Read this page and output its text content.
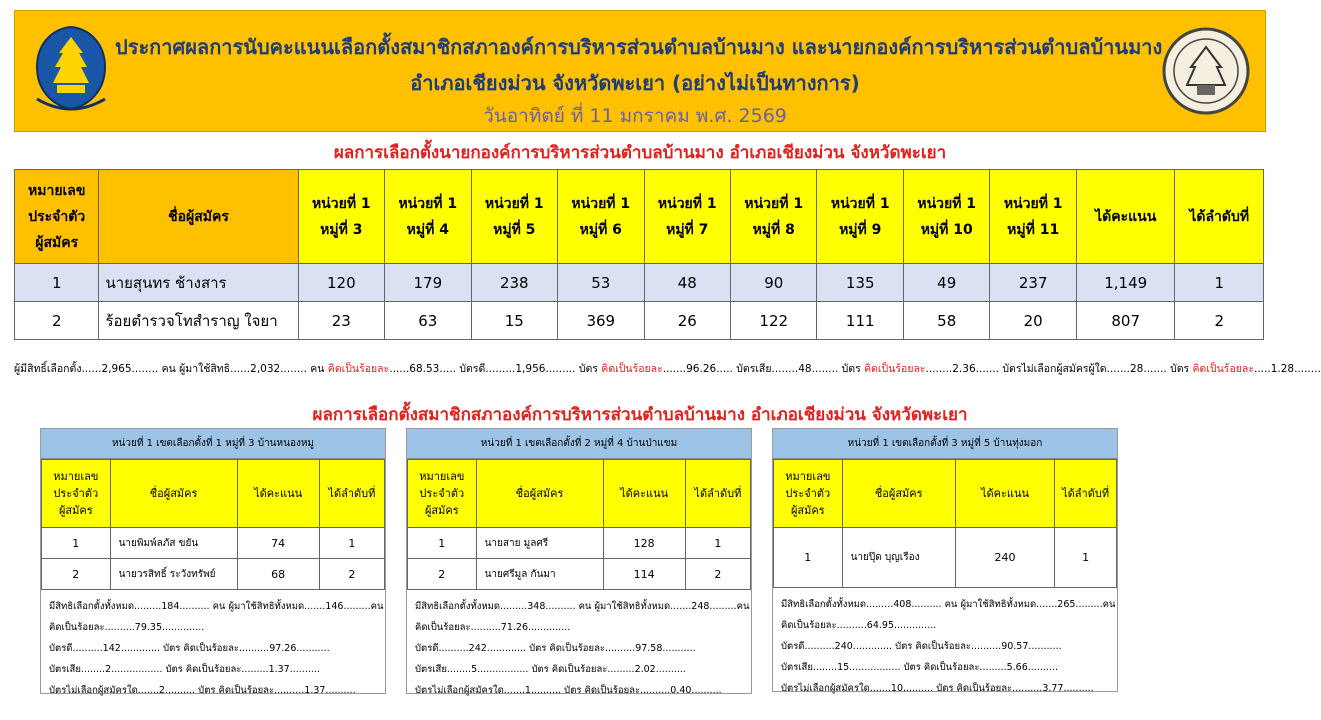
ประกาศผลการนับคะแนนเลือกตั้งสมาชิกสภาองค์การบริหารส่วนตำบลบ้านมาง และนายกองค์การบริหารส่วนตำบลบ้านมาง
อำเภอเชียงม่วน จังหวัดพะเยา (อย่างไม่เป็นทางการ)
วันอาทิตย์ ที่ 11 มกราคม พ.ศ. 2569
ผลการเลือกตั้งนายกองค์การบริหารส่วนตำบลบ้านมาง อำเภอเชียงม่วน จังหวัดพะเยา
หมายเลข
ประจำตัว
ผู้สมัคร	ชื่อผู้สมัคร	หน่วยที่ 1
หมู่ที่ 3	หน่วยที่ 1
หมู่ที่ 4	หน่วยที่ 1
หมู่ที่ 5	หน่วยที่ 1
หมู่ที่ 6	หน่วยที่ 1
หมู่ที่ 7	หน่วยที่ 1
หมู่ที่ 8	หน่วยที่ 1
หมู่ที่ 9	หน่วยที่ 1
หมู่ที่ 10	หน่วยที่ 1
หมู่ที่ 11	ได้คะแนน	ได้ลำดับที่
1	นายสุนทร ช้างสาร	120	179	238	53	48	90	135	49	237	1,149	1
2	ร้อยตำรวจโทสำราญ ใจยา	23	63	15	369	26	122	111	58	20	807	2
ผู้มีสิทธิ์เลือกตั้ง......2,965........ คน ผู้มาใช้สิทธิ......2,032........ คน คิดเป็นร้อยละ......68.53..... บัตรดี.........1,956......... บัตร คิดเป็นร้อยละ.......96.26..... บัตรเสีย........48........ บัตร คิดเป็นร้อยละ........2.36....... บัตรไม่เลือกผู้สมัครผู้ใด.......28....... บัตร คิดเป็นร้อยละ.....1.28........
ผลการเลือกตั้งสมาชิกสภาองค์การบริหารส่วนตำบลบ้านมาง อำเภอเชียงม่วน จังหวัดพะเยา
หน่วยที่ 1 เขตเลือกตั้งที่ 1 หมู่ที่ 3 บ้านหนองหมู
หมายเลข
ประจำตัว
ผู้สมัคร	ชื่อผู้สมัคร	ได้คะแนน	ได้ลำดับที่
1	นายพิมพ์ลภัส ขยัน	74	1
2	นายวรสิทธิ์ ระวังทรัพย์	68	2
มีสิทธิเลือกตั้งทั้งหมด.........184.......... คน ผู้มาใช้สิทธิทั้งหมด.......146.........คน
คิดเป็นร้อยละ..........79.35..............
บัตรดี..........142............. บัตร คิดเป็นร้อยละ..........97.26...........
บัตรเสีย........2................. บัตร คิดเป็นร้อยละ.........1.37..........
บัตรไม่เลือกผู้สมัครใด.......2.......... บัตร คิดเป็นร้อยละ..........1.37..........
หน่วยที่ 1 เขตเลือกตั้งที่ 2 หมู่ที่ 4 บ้านป่าแขม
หมายเลข
ประจำตัว
ผู้สมัคร	ชื่อผู้สมัคร	ได้คะแนน	ได้ลำดับที่
1	นายสาย มูลศรี	128	1
2	นายศรีมูล กันมา	114	2
มีสิทธิเลือกตั้งทั้งหมด.........348.......... คน ผู้มาใช้สิทธิทั้งหมด.......248.........คน
คิดเป็นร้อยละ..........71.26..............
บัตรดี..........242............. บัตร คิดเป็นร้อยละ..........97.58...........
บัตรเสีย........5................. บัตร คิดเป็นร้อยละ.........2.02..........
บัตรไม่เลือกผู้สมัครใด.......1.......... บัตร คิดเป็นร้อยละ..........0.40..........
หน่วยที่ 1 เขตเลือกตั้งที่ 3 หมู่ที่ 5 บ้านทุ่งมอก
หมายเลข
ประจำตัว
ผู้สมัคร	ชื่อผู้สมัคร	ได้คะแนน	ได้ลำดับที่
1	นายปุ๊ด บุญเรือง	240	1
มีสิทธิเลือกตั้งทั้งหมด.........408.......... คน ผู้มาใช้สิทธิทั้งหมด.......265.........คน
คิดเป็นร้อยละ..........64.95..............
บัตรดี..........240............. บัตร คิดเป็นร้อยละ..........90.57...........
บัตรเสีย........15................. บัตร คิดเป็นร้อยละ.........5.66..........
บัตรไม่เลือกผู้สมัครใด.......10.......... บัตร คิดเป็นร้อยละ..........3.77..........
